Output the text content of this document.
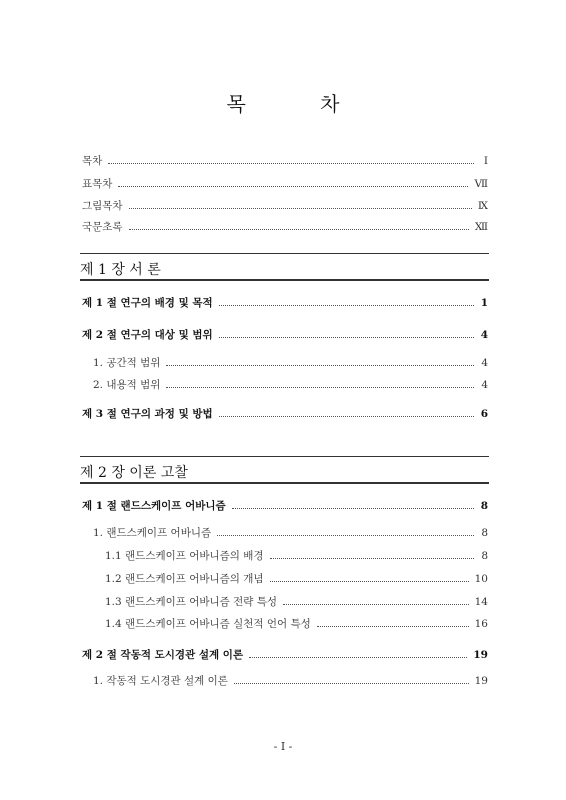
목 차
목차	Ⅰ
표목차	Ⅶ
그림목차	Ⅸ
국문초록	Ⅻ
제 1 장 서 론
제 1 절 연구의 배경 및 목적	1
제 2 절 연구의 대상 및 범위	4
1. 공간적 범위	4
2. 내용적 범위	4
제 3 절 연구의 과정 및 방법	6
제 2 장 이론 고찰
제 1 절 랜드스케이프 어바니즘	8
1. 랜드스케이프 어바니즘	8
1.1 랜드스케이프 어바니즘의 배경	8
1.2 랜드스케이프 어바니즘의 개념	10
1.3 랜드스케이프 어바니즘 전략 특성	14
1.4 랜드스케이프 어바니즘 실천적 언어 특성	16
제 2 절 작동적 도시경관 설계 이론	19
1. 작동적 도시경관 설계 이론	19
- Ⅰ -
